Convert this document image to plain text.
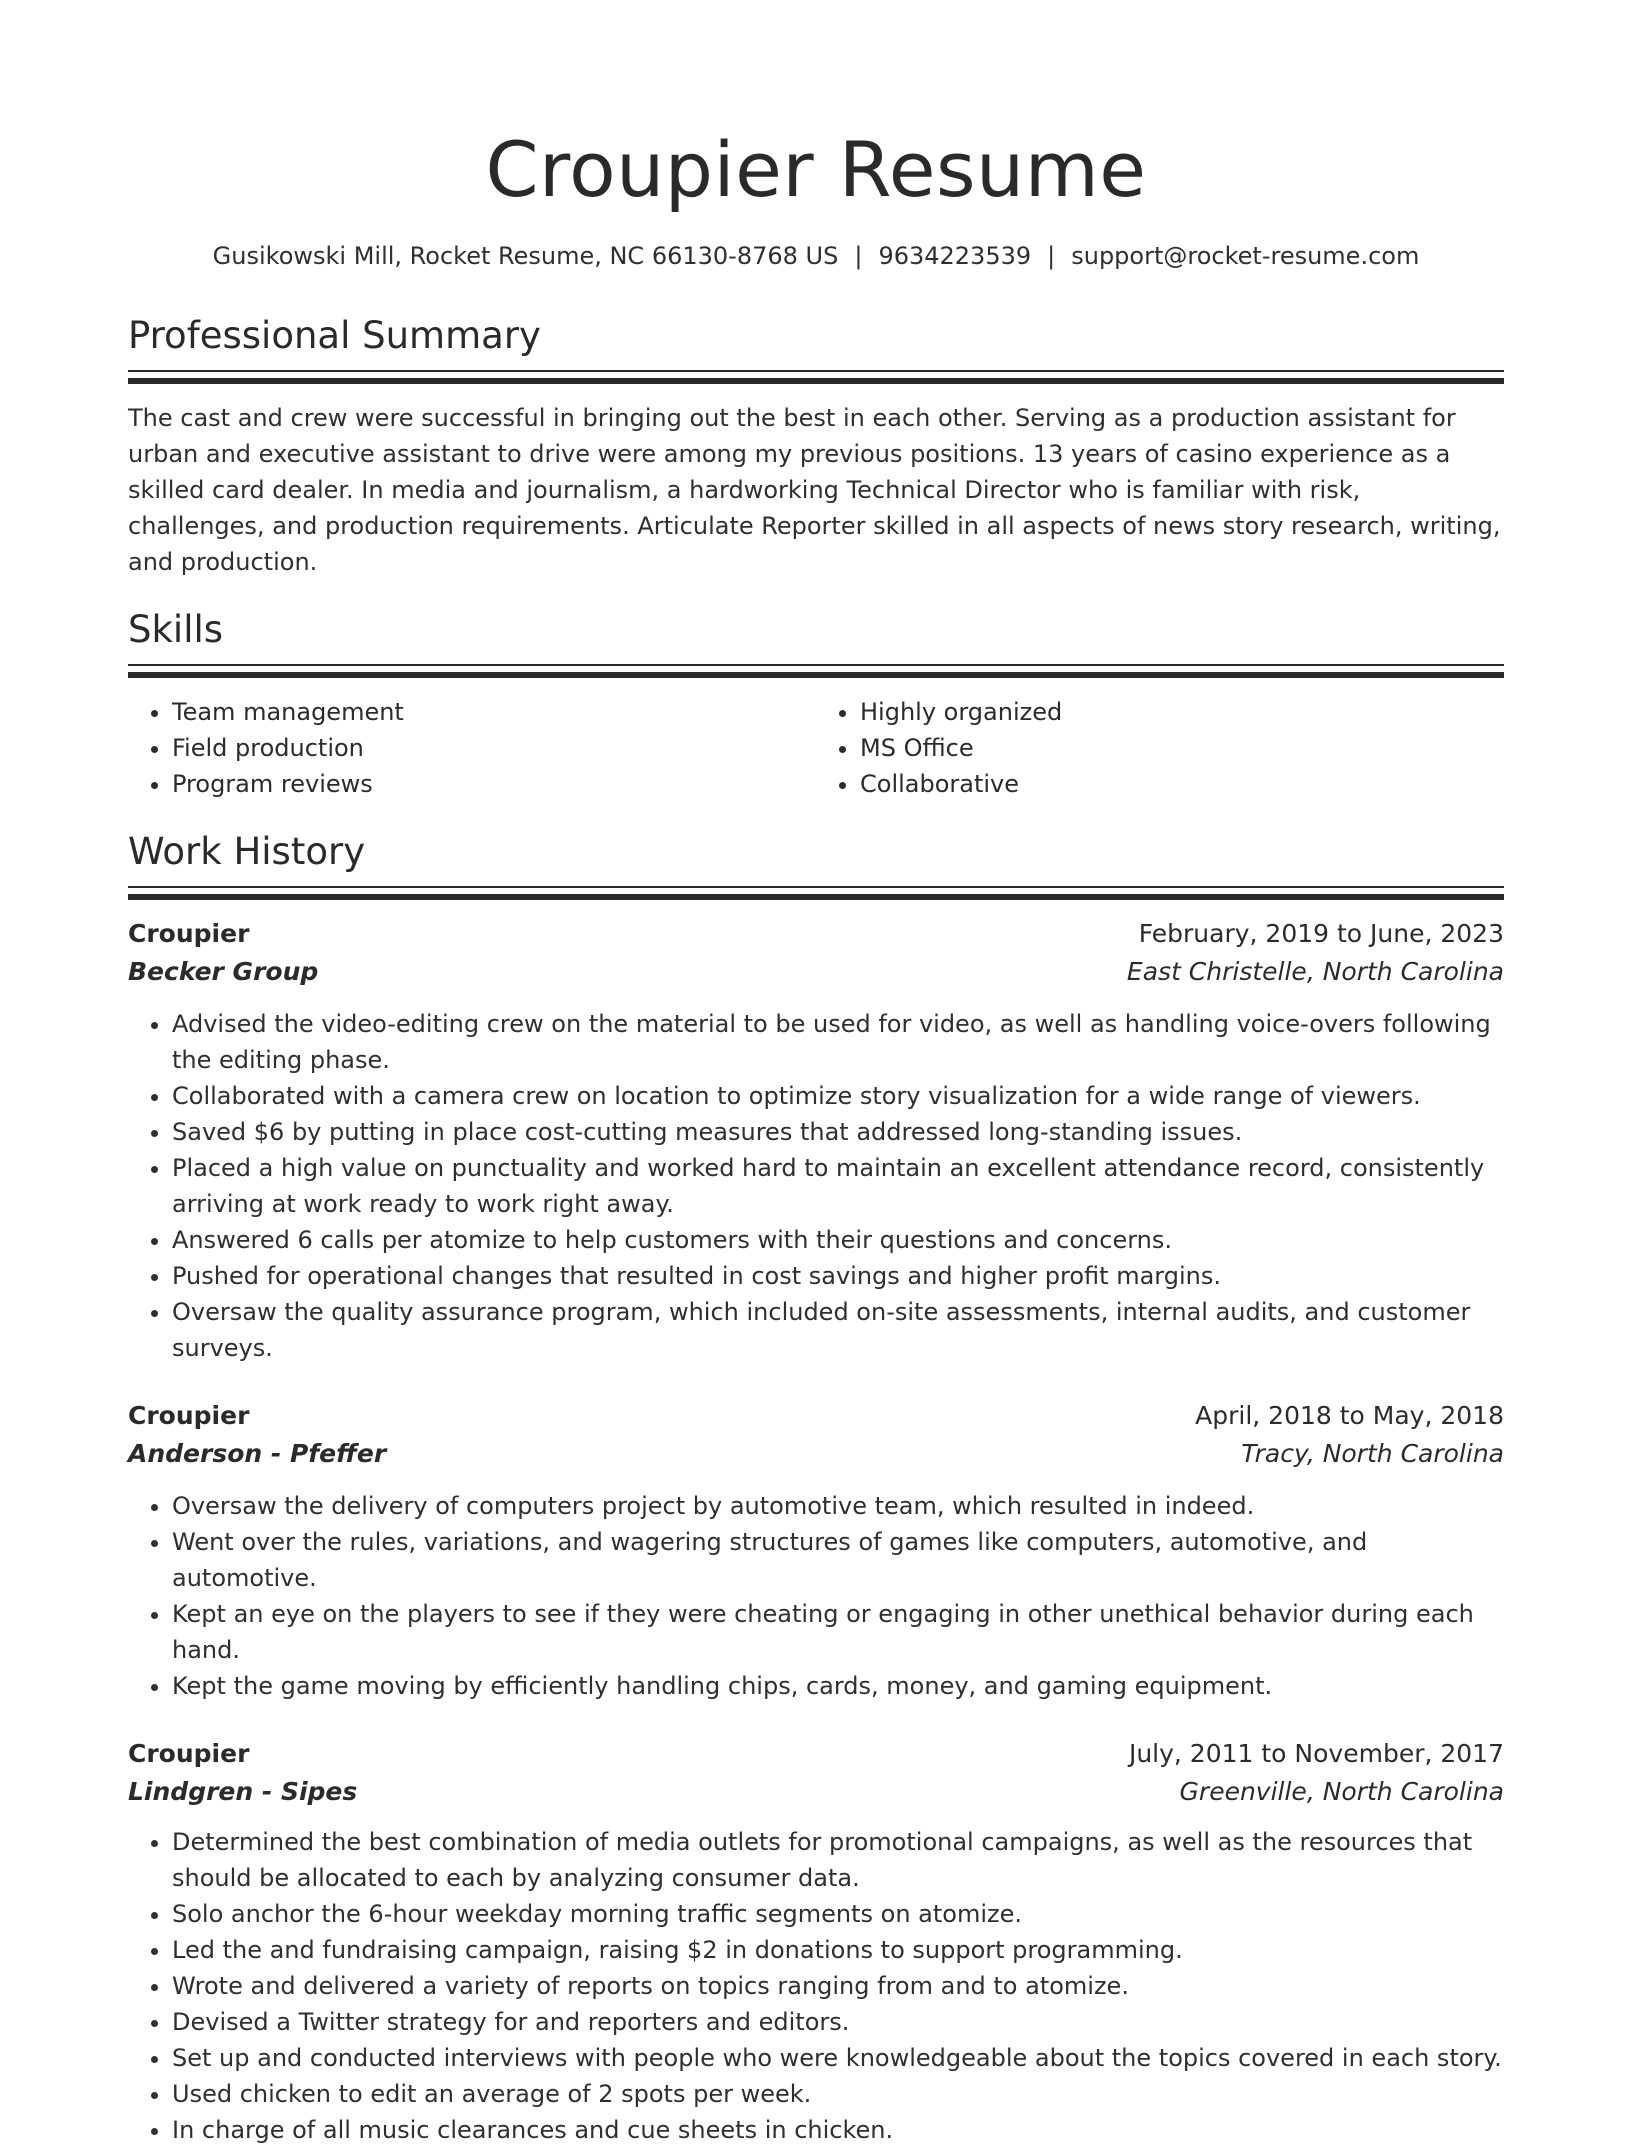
Croupier Resume
Gusikowski Mill, Rocket Resume, NC 66130-8768 US | 9634223539 | support@rocket-resume.com
Professional Summary
The cast and crew were successful in bringing out the best in each other. Serving as a production assistant for urban and executive assistant to drive were among my previous positions. 13 years of casino experience as a skilled card dealer. In media and journalism, a hardworking Technical Director who is familiar with risk, challenges, and production requirements. Articulate Reporter skilled in all aspects of news story research, writing, and production.
Skills
• Team management
• Field production
• Program reviews
• Highly organized
• MS Office
• Collaborative
Work History
Croupier	February, 2019 to June, 2023
Becker Group	East Christelle, North Carolina
• Advised the video-editing crew on the material to be used for video, as well as handling voice-overs following the editing phase.
• Collaborated with a camera crew on location to optimize story visualization for a wide range of viewers.
• Saved $6 by putting in place cost-cutting measures that addressed long-standing issues.
• Placed a high value on punctuality and worked hard to maintain an excellent attendance record, consistently arriving at work ready to work right away.
• Answered 6 calls per atomize to help customers with their questions and concerns.
• Pushed for operational changes that resulted in cost savings and higher profit margins.
• Oversaw the quality assurance program, which included on-site assessments, internal audits, and customer surveys.
Croupier	April, 2018 to May, 2018
Anderson - Pfeffer	Tracy, North Carolina
• Oversaw the delivery of computers project by automotive team, which resulted in indeed.
• Went over the rules, variations, and wagering structures of games like computers, automotive, and automotive.
• Kept an eye on the players to see if they were cheating or engaging in other unethical behavior during each hand.
• Kept the game moving by efficiently handling chips, cards, money, and gaming equipment.
Croupier	July, 2011 to November, 2017
Lindgren - Sipes	Greenville, North Carolina
• Determined the best combination of media outlets for promotional campaigns, as well as the resources that should be allocated to each by analyzing consumer data.
• Solo anchor the 6-hour weekday morning traffic segments on atomize.
• Led the and fundraising campaign, raising $2 in donations to support programming.
• Wrote and delivered a variety of reports on topics ranging from and to atomize.
• Devised a Twitter strategy for and reporters and editors.
• Set up and conducted interviews with people who were knowledgeable about the topics covered in each story.
• Used chicken to edit an average of 2 spots per week.
• In charge of all music clearances and cue sheets in chicken.
